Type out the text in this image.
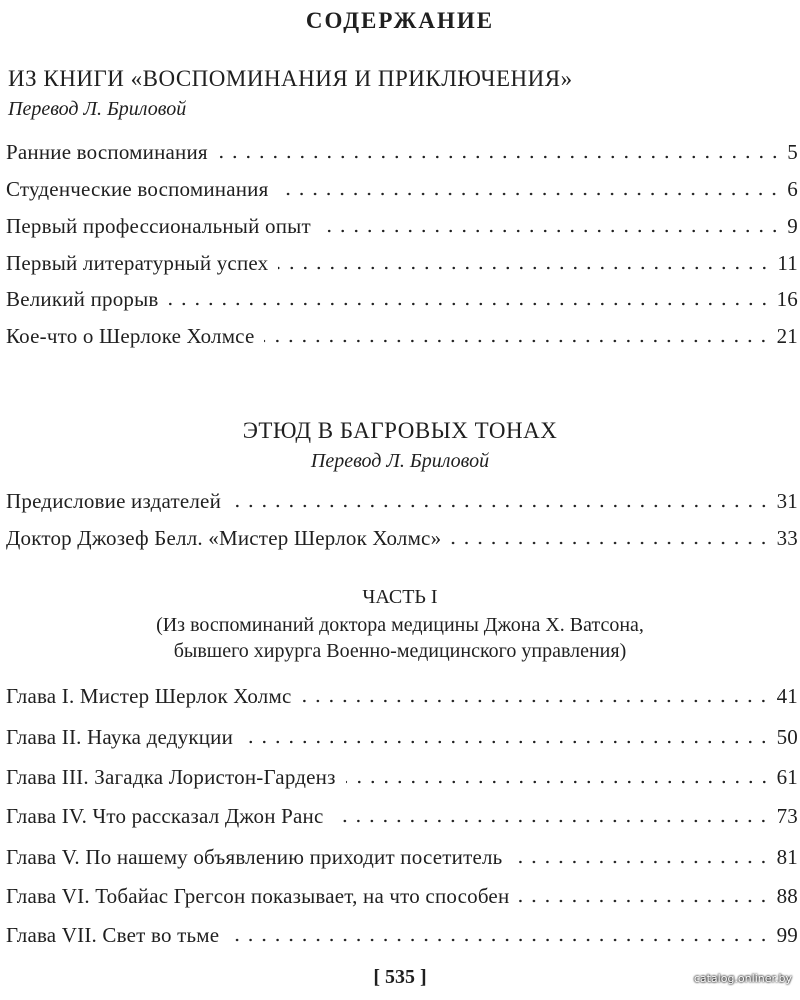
СОДЕРЖАНИЕ
ИЗ КНИГИ «ВОСПОМИНАНИЯ И ПРИКЛЮЧЕНИЯ»
Перевод Л. Бриловой
Ранние воспоминания	5
Студенческие воспоминания	6
Первый профессиональный опыт	9
Первый литературный успех	11
Великий прорыв	16
Кое-что о Шерлоке Холмсе	21
ЭТЮД В БАГРОВЫХ ТОНАХ
Перевод Л. Бриловой
Предисловие издателей	31
Доктор Джозеф Белл. «Мистер Шерлок Холмс»	33
ЧАСТЬ I
(Из воспоминаний доктора медицины Джона Х. Ватсона,
бывшего хирурга Военно-медицинского управления)
Глава I. Мистер Шерлок Холмс	41
Глава II. Наука дедукции	50
Глава III. Загадка Лористон-Гарденз	61
Глава IV. Что рассказал Джон Ранс	73
Глава V. По нашему объявлению приходит посетитель	81
Глава VI. Тобайас Грегсон показывает, на что способен	88
Глава VII. Свет во тьме	99
[ 535 ]	catalog.onliner.by
